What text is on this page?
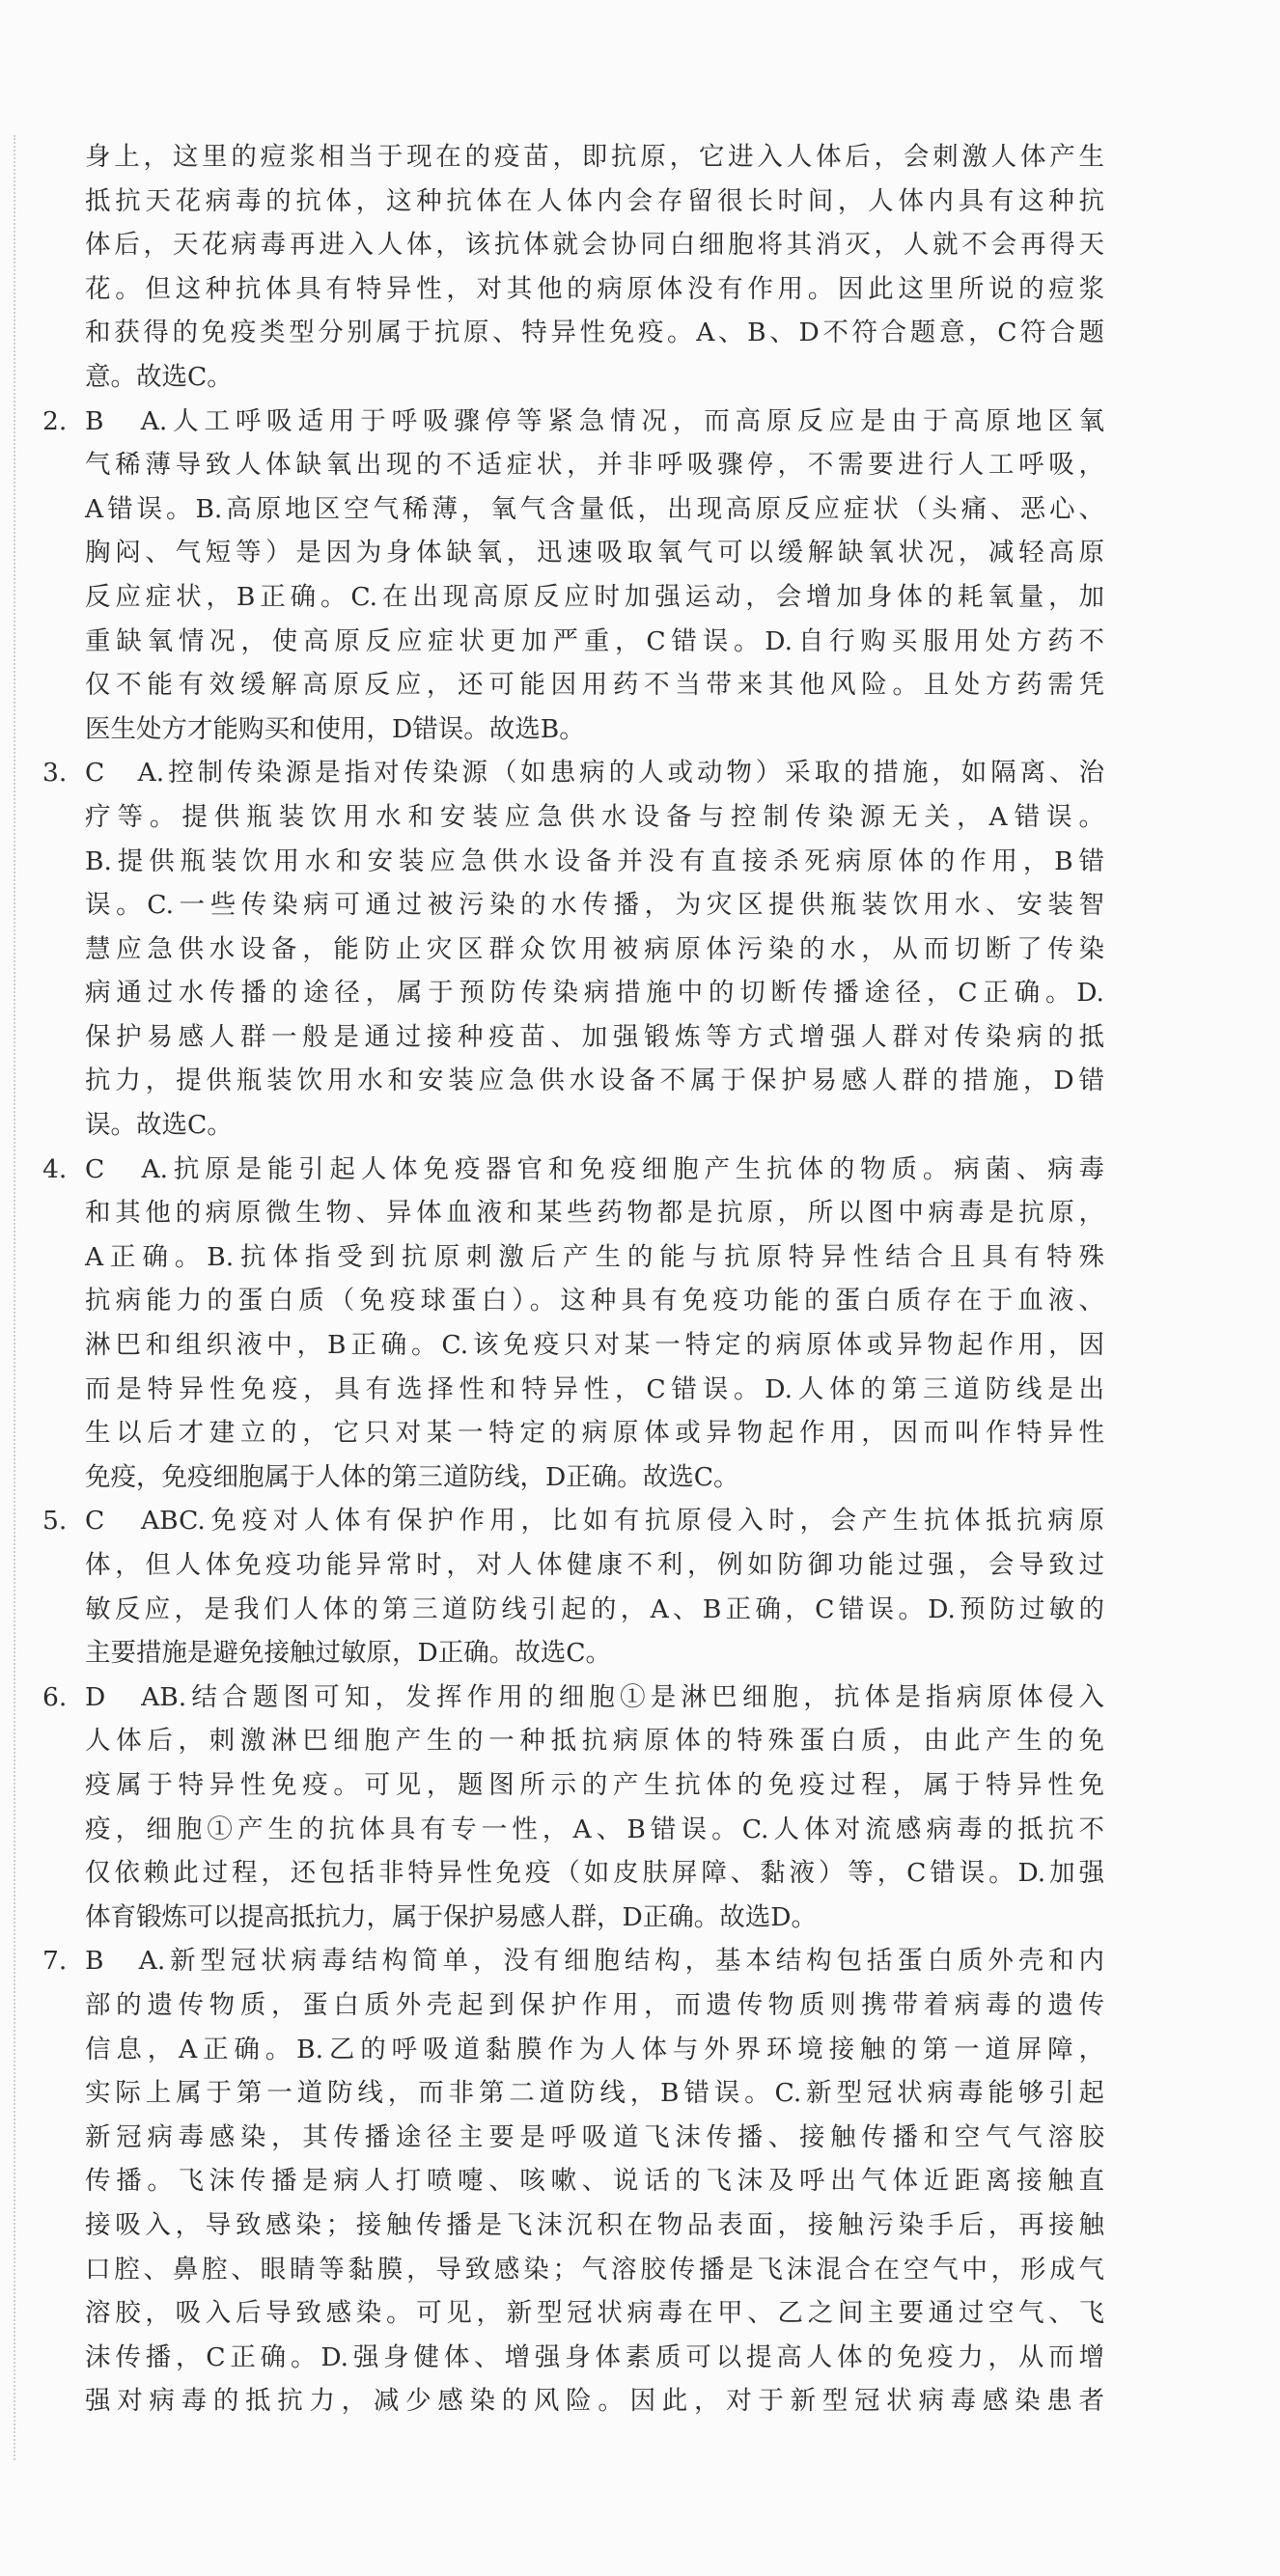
身上，这里的痘浆相当于现在的疫苗，即抗原，它进入人体后，会刺激人体产生
抵抗天花病毒的抗体，这种抗体在人体内会存留很长时间，人体内具有这种抗
体后，天花病毒再进入人体，该抗体就会协同白细胞将其消灭，人就不会再得天
花。但这种抗体具有特异性，对其他的病原体没有作用。因此这里所说的痘浆
和获得的免疫类型分别属于抗原、特异性免疫。A、B、D不符合题意，C符合题
意。故选C。
2. B　A.人工呼吸适用于呼吸骤停等紧急情况，而高原反应是由于高原地区氧
气稀薄导致人体缺氧出现的不适症状，并非呼吸骤停，不需要进行人工呼吸，
A错误。B.高原地区空气稀薄，氧气含量低，出现高原反应症状（头痛、恶心、
胸闷、气短等）是因为身体缺氧，迅速吸取氧气可以缓解缺氧状况，减轻高原
反应症状，B正确。C.在出现高原反应时加强运动，会增加身体的耗氧量，加
重缺氧情况，使高原反应症状更加严重，C错误。D.自行购买服用处方药不
仅不能有效缓解高原反应，还可能因用药不当带来其他风险。且处方药需凭
医生处方才能购买和使用，D错误。故选B。
3. C　A.控制传染源是指对传染源（如患病的人或动物）采取的措施，如隔离、治
疗等。提供瓶装饮用水和安装应急供水设备与控制传染源无关，A错误。
B.提供瓶装饮用水和安装应急供水设备并没有直接杀死病原体的作用，B错
误。C.一些传染病可通过被污染的水传播，为灾区提供瓶装饮用水、安装智
慧应急供水设备，能防止灾区群众饮用被病原体污染的水，从而切断了传染
病通过水传播的途径，属于预防传染病措施中的切断传播途径，C正确。D.
保护易感人群一般是通过接种疫苗、加强锻炼等方式增强人群对传染病的抵
抗力，提供瓶装饮用水和安装应急供水设备不属于保护易感人群的措施，D错
误。故选C。
4. C　A.抗原是能引起人体免疫器官和免疫细胞产生抗体的物质。病菌、病毒
和其他的病原微生物、异体血液和某些药物都是抗原，所以图中病毒是抗原，
A正确。B.抗体指受到抗原刺激后产生的能与抗原特异性结合且具有特殊
抗病能力的蛋白质（免疫球蛋白）。这种具有免疫功能的蛋白质存在于血液、
淋巴和组织液中，B正确。C.该免疫只对某一特定的病原体或异物起作用，因
而是特异性免疫，具有选择性和特异性，C错误。D.人体的第三道防线是出
生以后才建立的，它只对某一特定的病原体或异物起作用，因而叫作特异性
免疫，免疫细胞属于人体的第三道防线，D正确。故选C。
5. C　ABC.免疫对人体有保护作用，比如有抗原侵入时，会产生抗体抵抗病原
体，但人体免疫功能异常时，对人体健康不利，例如防御功能过强，会导致过
敏反应，是我们人体的第三道防线引起的，A、B正确，C错误。D.预防过敏的
主要措施是避免接触过敏原，D正确。故选C。
6. D　AB.结合题图可知，发挥作用的细胞①是淋巴细胞，抗体是指病原体侵入
人体后，刺激淋巴细胞产生的一种抵抗病原体的特殊蛋白质，由此产生的免
疫属于特异性免疫。可见，题图所示的产生抗体的免疫过程，属于特异性免
疫，细胞①产生的抗体具有专一性，A、B错误。C.人体对流感病毒的抵抗不
仅依赖此过程，还包括非特异性免疫（如皮肤屏障、黏液）等，C错误。D.加强
体育锻炼可以提高抵抗力，属于保护易感人群，D正确。故选D。
7. B　A.新型冠状病毒结构简单，没有细胞结构，基本结构包括蛋白质外壳和内
部的遗传物质，蛋白质外壳起到保护作用，而遗传物质则携带着病毒的遗传
信息，A正确。B.乙的呼吸道黏膜作为人体与外界环境接触的第一道屏障，
实际上属于第一道防线，而非第二道防线，B错误。C.新型冠状病毒能够引起
新冠病毒感染，其传播途径主要是呼吸道飞沫传播、接触传播和空气气溶胶
传播。飞沫传播是病人打喷嚏、咳嗽、说话的飞沫及呼出气体近距离接触直
接吸入，导致感染；接触传播是飞沫沉积在物品表面，接触污染手后，再接触
口腔、鼻腔、眼睛等黏膜，导致感染；气溶胶传播是飞沫混合在空气中，形成气
溶胶，吸入后导致感染。可见，新型冠状病毒在甲、乙之间主要通过空气、飞
沫传播，C正确。D.强身健体、增强身体素质可以提高人体的免疫力，从而增
强对病毒的抵抗力，减少感染的风险。因此，对于新型冠状病毒感染患者
